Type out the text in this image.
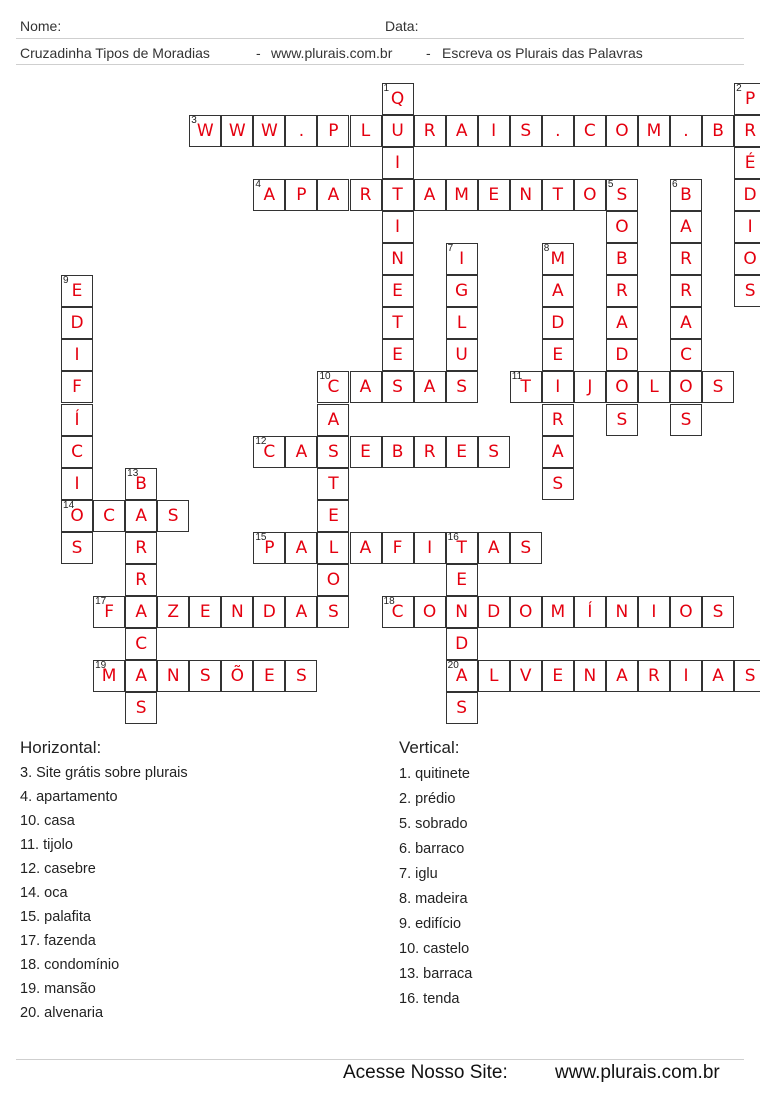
Nome:	Data:
Cruzadinha Tipos de Moradias	- www.plurais.com.br - Escreva os Plurais das Palavras
3
W W W	.	P	L	U	R	A	I	S	.	C	O	M	.	B	R
4
A	P	A	R	T	A	M	E	N	T	O
5
S
10
C	A	S	A	S
11
T	I	J	O	L	O	S
12
C	A	S	E	B	R	E	S
14
O	C	A	S
15
P	A	L	A	F	I
16
T	A	S
17
F	A	Z	E	N	D	A	S
18
C	O	N	D	O	M	Í	N	I	O	S
19
M	A	N	S	Õ	E	S
20
A	L	V	E	N	A	R	I	A	S
1
Q
I
I
N
E
T
E
2
P
É
D
I
O
S
O
B
R
A
D
S
6
B
A
R
R
A
C
S
7
I
G
L
U
8
M
A
D
E
R
A
S
9
E
D
I
F
Í
C
I
S
A
T
E
O
13
B
R
R
C
S
E
D
S
Horizontal:
3. Site grátis sobre plurais
4. apartamento
10. casa
11. tijolo
12. casebre
14. oca
15. palafita
17. fazenda
18. condomínio
19. mansão
20. alvenaria
Vertical:
1. quitinete
2. prédio
5. sobrado
6. barraco
7. iglu
8. madeira
9. edifício
10. castelo
13. barraca
16. tenda
Acesse Nosso Site: www.plurais.com.br
